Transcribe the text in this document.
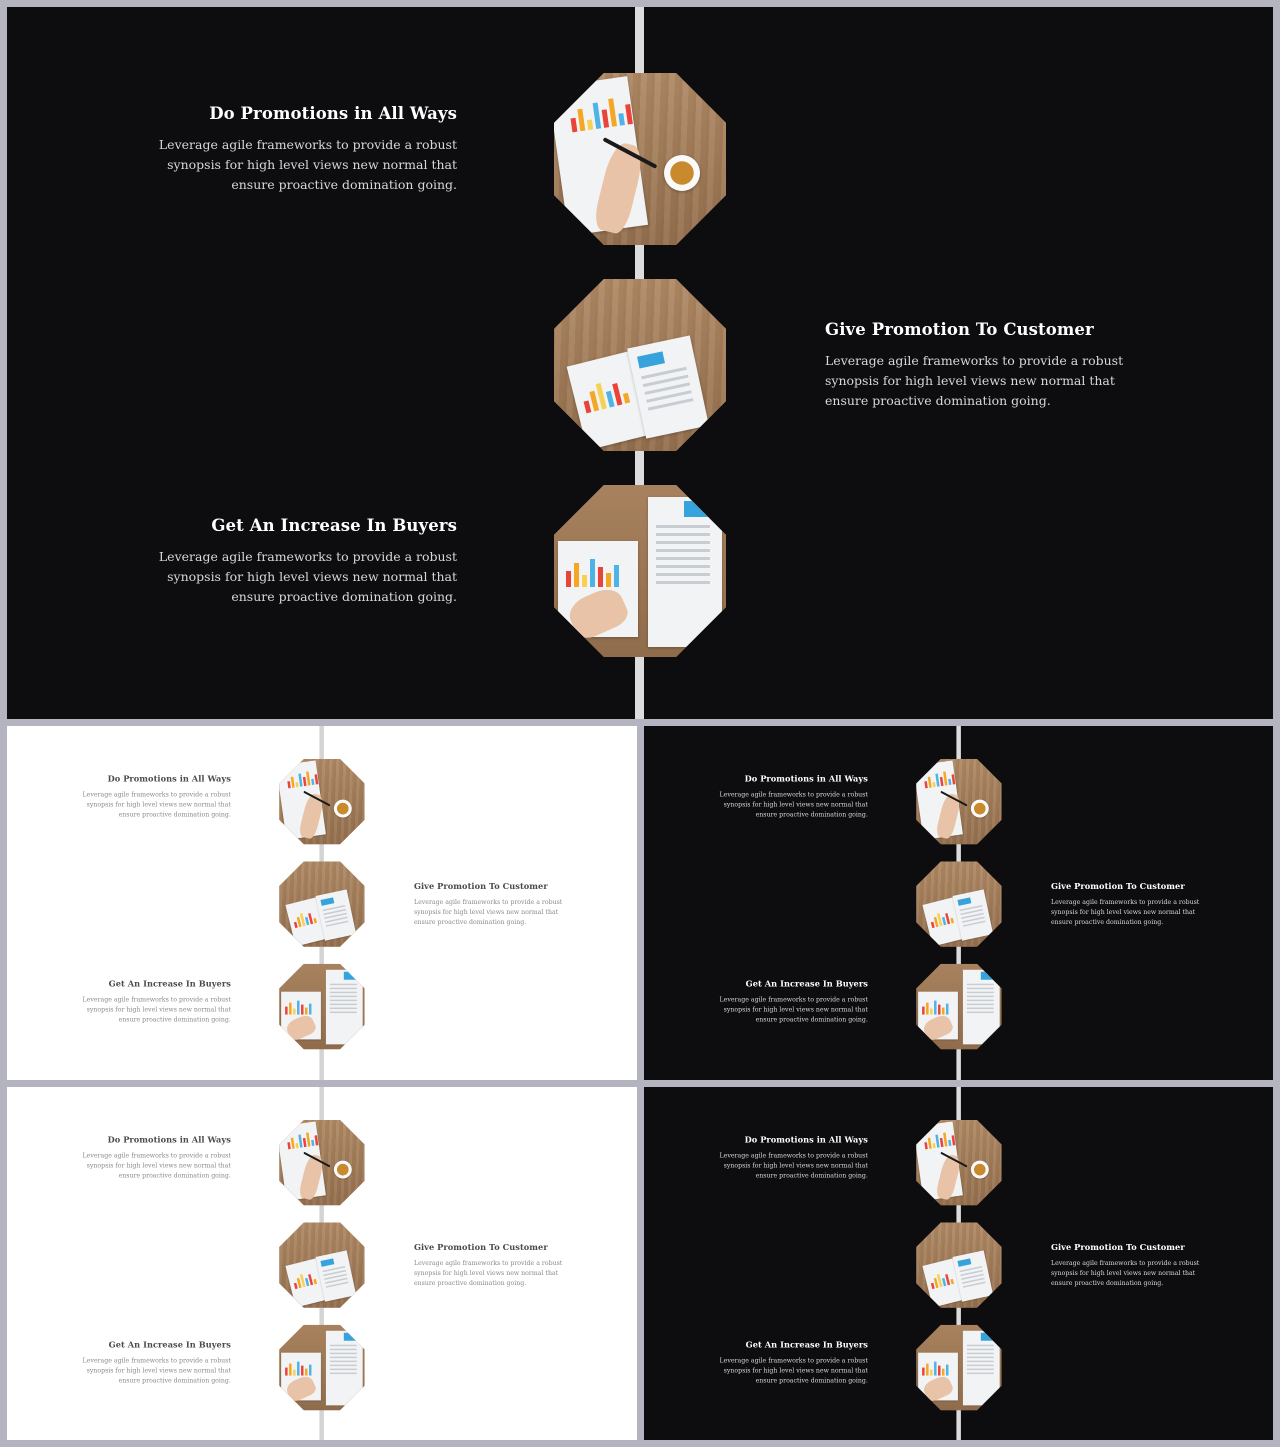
Do Promotions in All Ways

Leverage agile frameworks to provide a robust synopsis for high level views new normal that ensure proactive domination going.

Give Promotion To Customer

Leverage agile frameworks to provide a robust synopsis for high level views new normal that ensure proactive domination going.

Get An Increase In Buyers

Leverage agile frameworks to provide a robust synopsis for high level views new normal that ensure proactive domination going.

Do Promotions in All Ways

Leverage agile frameworks to provide a robust synopsis for high level views new normal that ensure proactive domination going.

Give Promotion To Customer

Leverage agile frameworks to provide a robust synopsis for high level views new normal that ensure proactive domination going.

Get An Increase In Buyers

Leverage agile frameworks to provide a robust synopsis for high level views new normal that ensure proactive domination going.

Do Promotions in All Ways

Leverage agile frameworks to provide a robust synopsis for high level views new normal that ensure proactive domination going.

Give Promotion To Customer

Leverage agile frameworks to provide a robust synopsis for high level views new normal that ensure proactive domination going.

Get An Increase In Buyers

Leverage agile frameworks to provide a robust synopsis for high level views new normal that ensure proactive domination going.

Do Promotions in All Ways

Leverage agile frameworks to provide a robust synopsis for high level views new normal that ensure proactive domination going.

Give Promotion To Customer

Leverage agile frameworks to provide a robust synopsis for high level views new normal that ensure proactive domination going.

Get An Increase In Buyers

Leverage agile frameworks to provide a robust synopsis for high level views new normal that ensure proactive domination going.

Do Promotions in All Ways

Leverage agile frameworks to provide a robust synopsis for high level views new normal that ensure proactive domination going.

Give Promotion To Customer

Leverage agile frameworks to provide a robust synopsis for high level views new normal that ensure proactive domination going.

Get An Increase In Buyers

Leverage agile frameworks to provide a robust synopsis for high level views new normal that ensure proactive domination going.
